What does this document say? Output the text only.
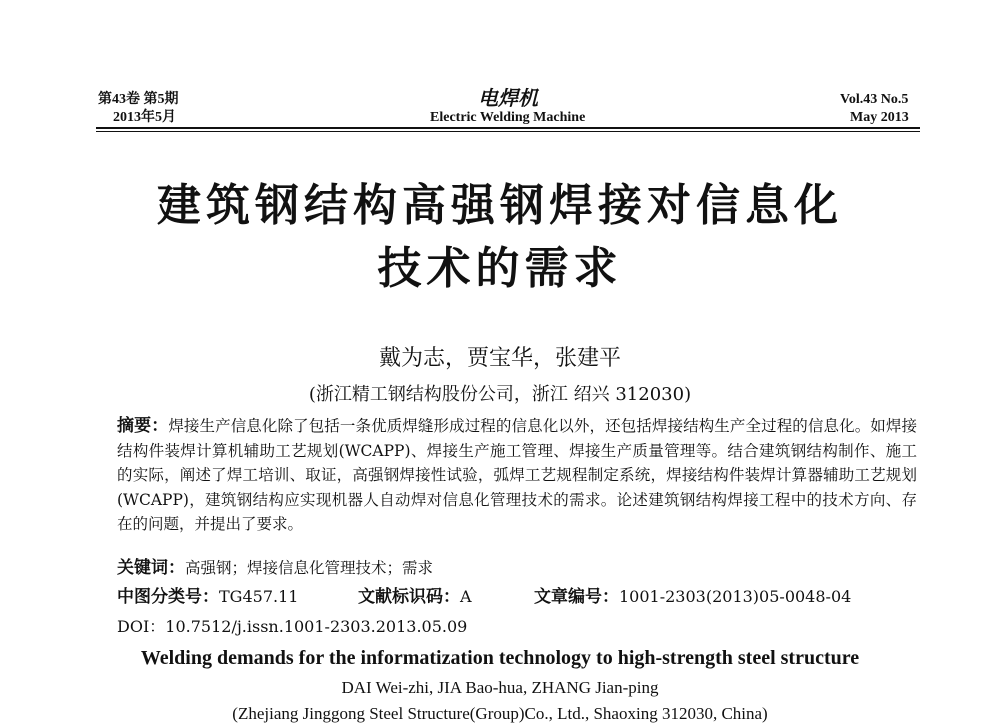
第43卷 第5期
2013年5月
电焊机
Electric Welding Machine
Vol.43 No.5
May 2013
建筑钢结构高强钢焊接对信息化
技术的需求
戴为志，贾宝华，张建平
(浙江精工钢结构股份公司，浙江 绍兴 312030)
摘要：焊接生产信息化除了包括一条优质焊缝形成过程的信息化以外，还包括焊接结构生产全过程的信息化。如焊接结构件装焊计算机辅助工艺规划(WCAPP)、焊接生产施工管理、焊接生产质量管理等。结合建筑钢结构制作、施工的实际，阐述了焊工培训、取证，高强钢焊接性试验，弧焊工艺规程制定系统，焊接结构件装焊计算器辅助工艺规划(WCAPP)，建筑钢结构应实现机器人自动焊对信息化管理技术的需求。论述建筑钢结构焊接工程中的技术方向、存在的问题，并提出了要求。
关键词：高强钢；焊接信息化管理技术；需求
中图分类号：TG457.11	文献标识码：A	文章编号：1001-2303(2013)05-0048-04
DOI：10.7512/j.issn.1001-2303.2013.05.09
Welding demands for the informatization technology to high-strength steel structure
DAI Wei-zhi, JIA Bao-hua, ZHANG Jian-ping
(Zhejiang Jinggong Steel Structure(Group)Co., Ltd., Shaoxing 312030, China)
